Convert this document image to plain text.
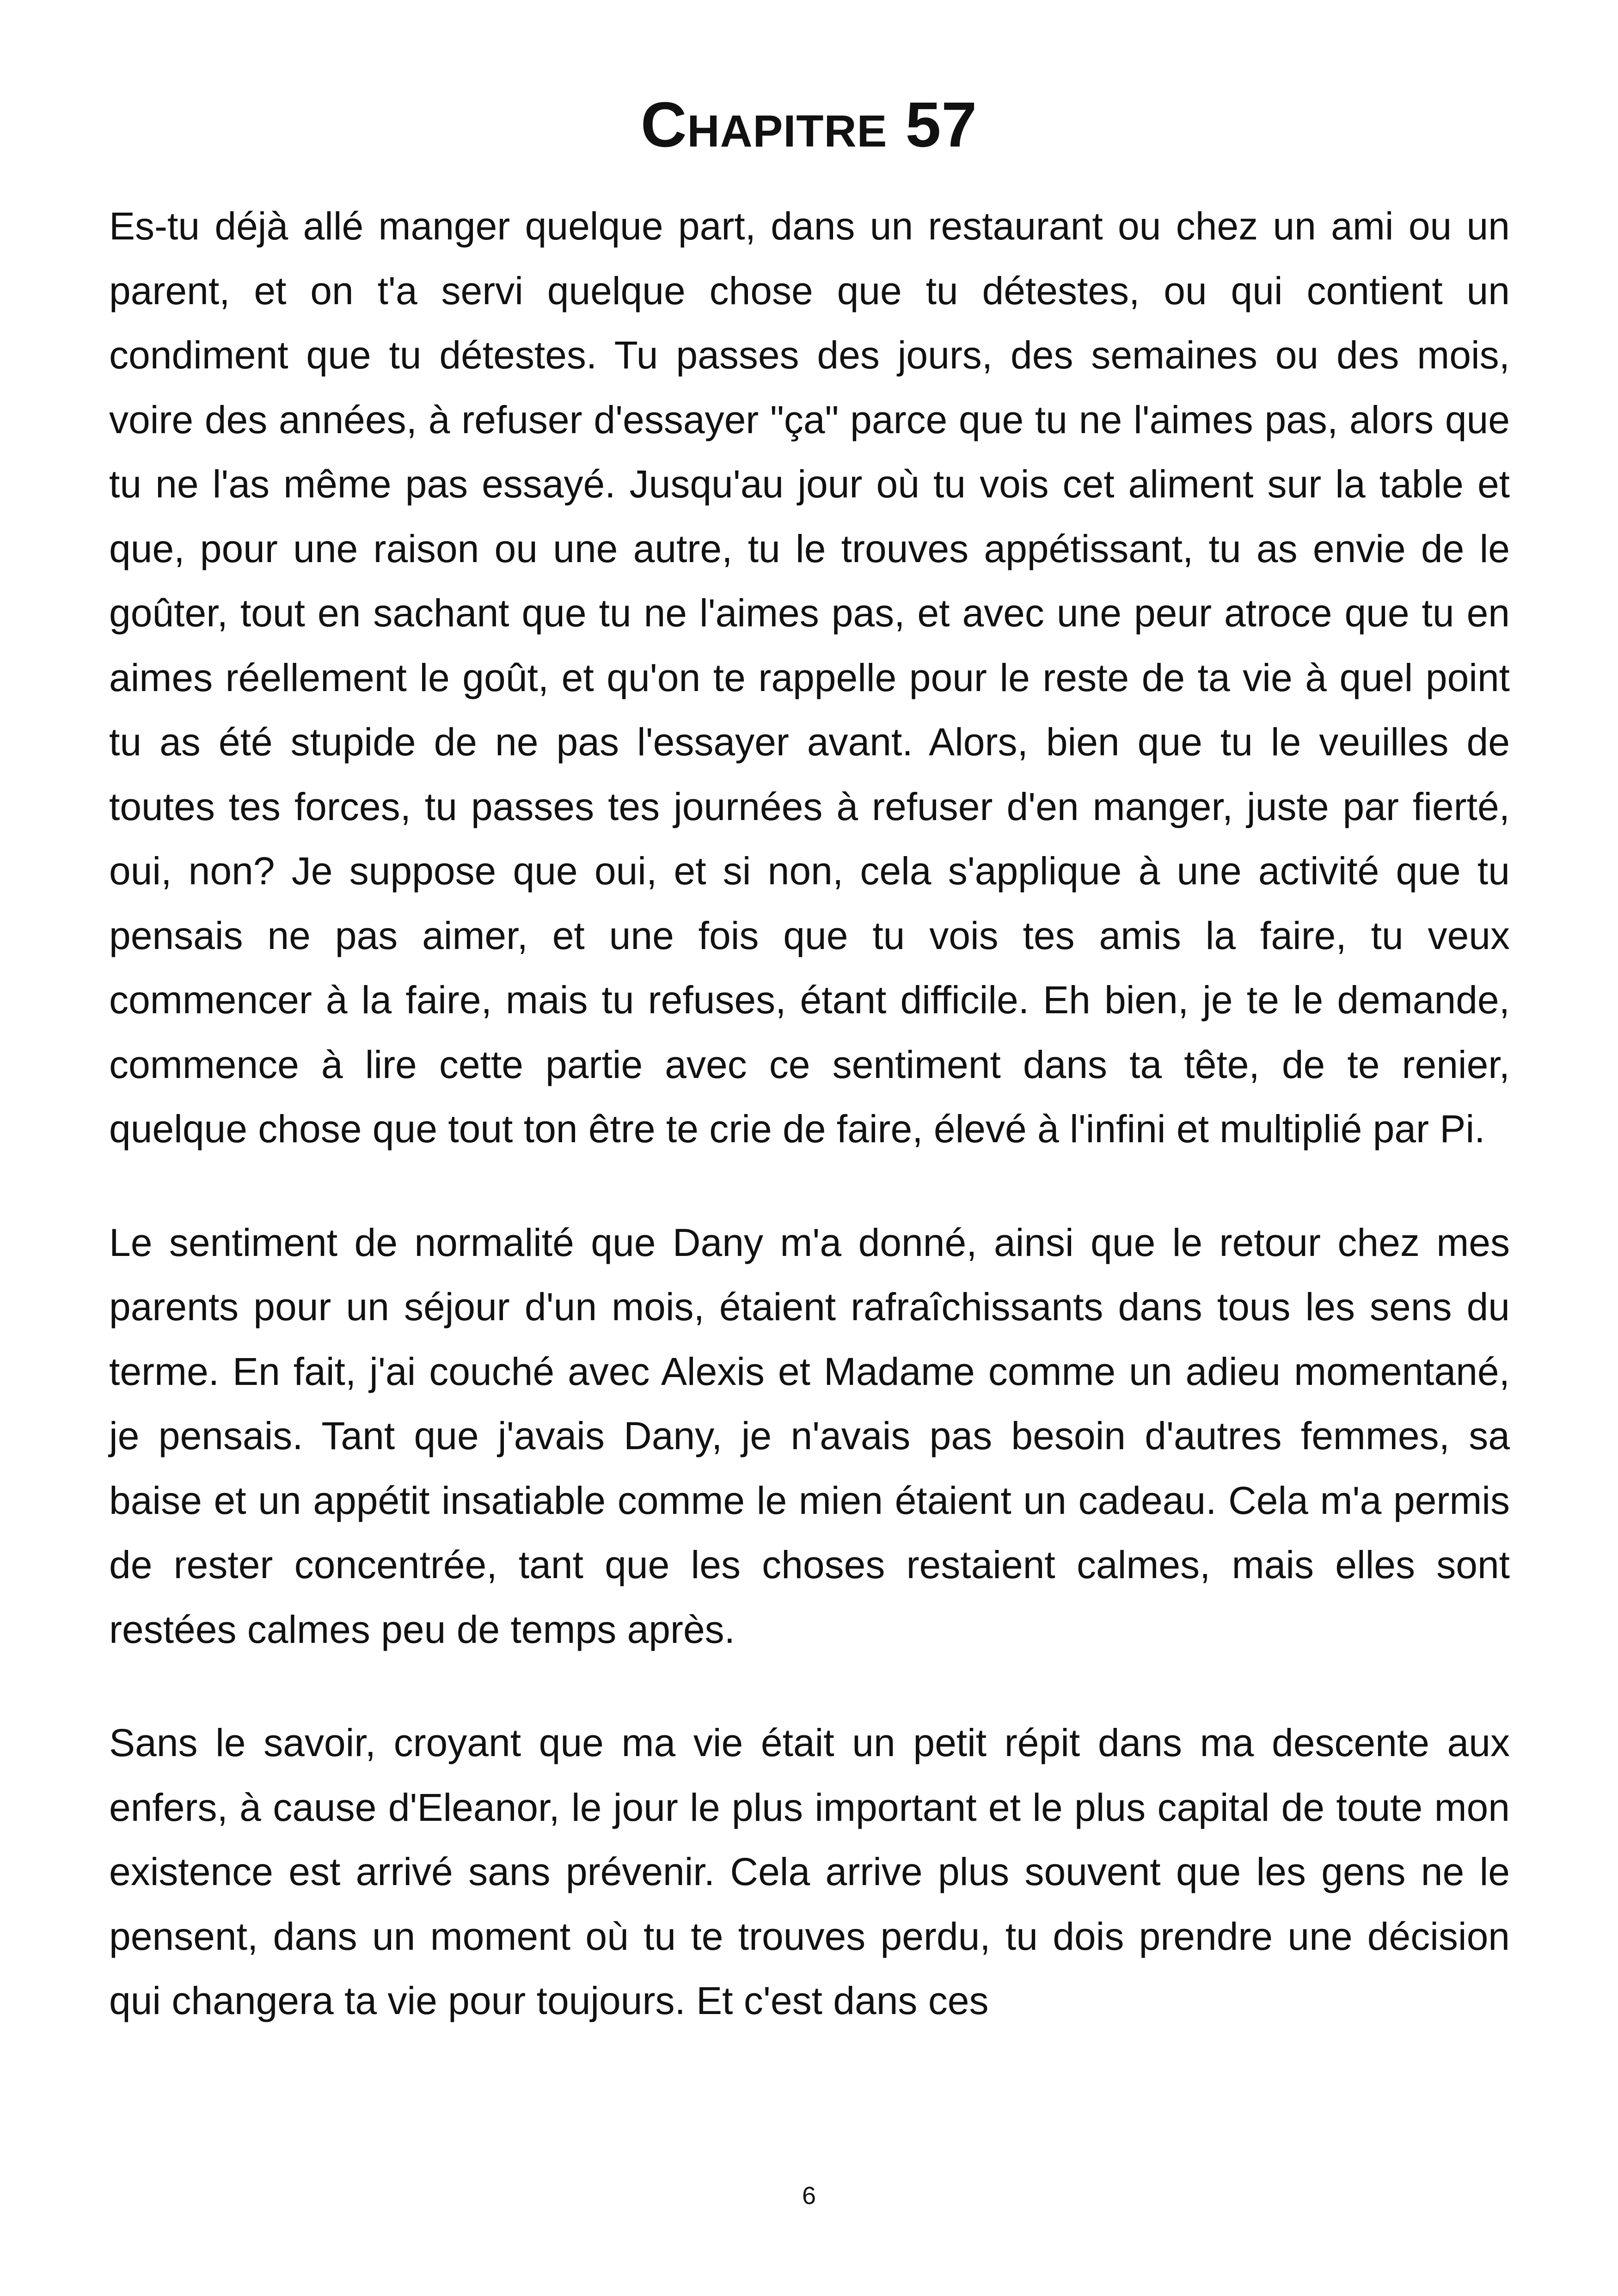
Chapitre 57

Es-tu déjà allé manger quelque part, dans un restaurant ou chez un ami ou un parent, et on t'a servi quelque chose que tu détestes, ou qui contient un condiment que tu détestes. Tu passes des jours, des semaines ou des mois, voire des années, à refuser d'essayer "ça" parce que tu ne l'aimes pas, alors que tu ne l'as même pas essayé. Jusqu'au jour où tu vois cet aliment sur la table et que, pour une raison ou une autre, tu le trouves appétissant, tu as envie de le goûter, tout en sachant que tu ne l'aimes pas, et avec une peur atroce que tu en aimes réellement le goût, et qu'on te rappelle pour le reste de ta vie à quel point tu as été stupide de ne pas l'essayer avant. Alors, bien que tu le veuilles de toutes tes forces, tu passes tes journées à refuser d'en manger, juste par fierté, oui, non? Je suppose que oui, et si non, cela s'applique à une activité que tu pensais ne pas aimer, et une fois que tu vois tes amis la faire, tu veux commencer à la faire, mais tu refuses, étant difficile. Eh bien, je te le demande, commence à lire cette partie avec ce sentiment dans ta tête, de te renier, quelque chose que tout ton être te crie de faire, élevé à l'infini et multiplié par Pi.

Le sentiment de normalité que Dany m'a donné, ainsi que le retour chez mes parents pour un séjour d'un mois, étaient rafraîchissants dans tous les sens du terme. En fait, j'ai couché avec Alexis et Madame comme un adieu momentané, je pensais. Tant que j'avais Dany, je n'avais pas besoin d'autres femmes, sa baise et un appétit insatiable comme le mien étaient un cadeau. Cela m'a permis de rester concentrée, tant que les choses restaient calmes, mais elles sont restées calmes peu de temps après.

Sans le savoir, croyant que ma vie était un petit répit dans ma descente aux enfers, à cause d'Eleanor, le jour le plus important et le plus capital de toute mon existence est arrivé sans prévenir. Cela arrive plus souvent que les gens ne le pensent, dans un moment où tu te trouves perdu, tu dois prendre une décision qui changera ta vie pour toujours. Et c'est dans ces

6
